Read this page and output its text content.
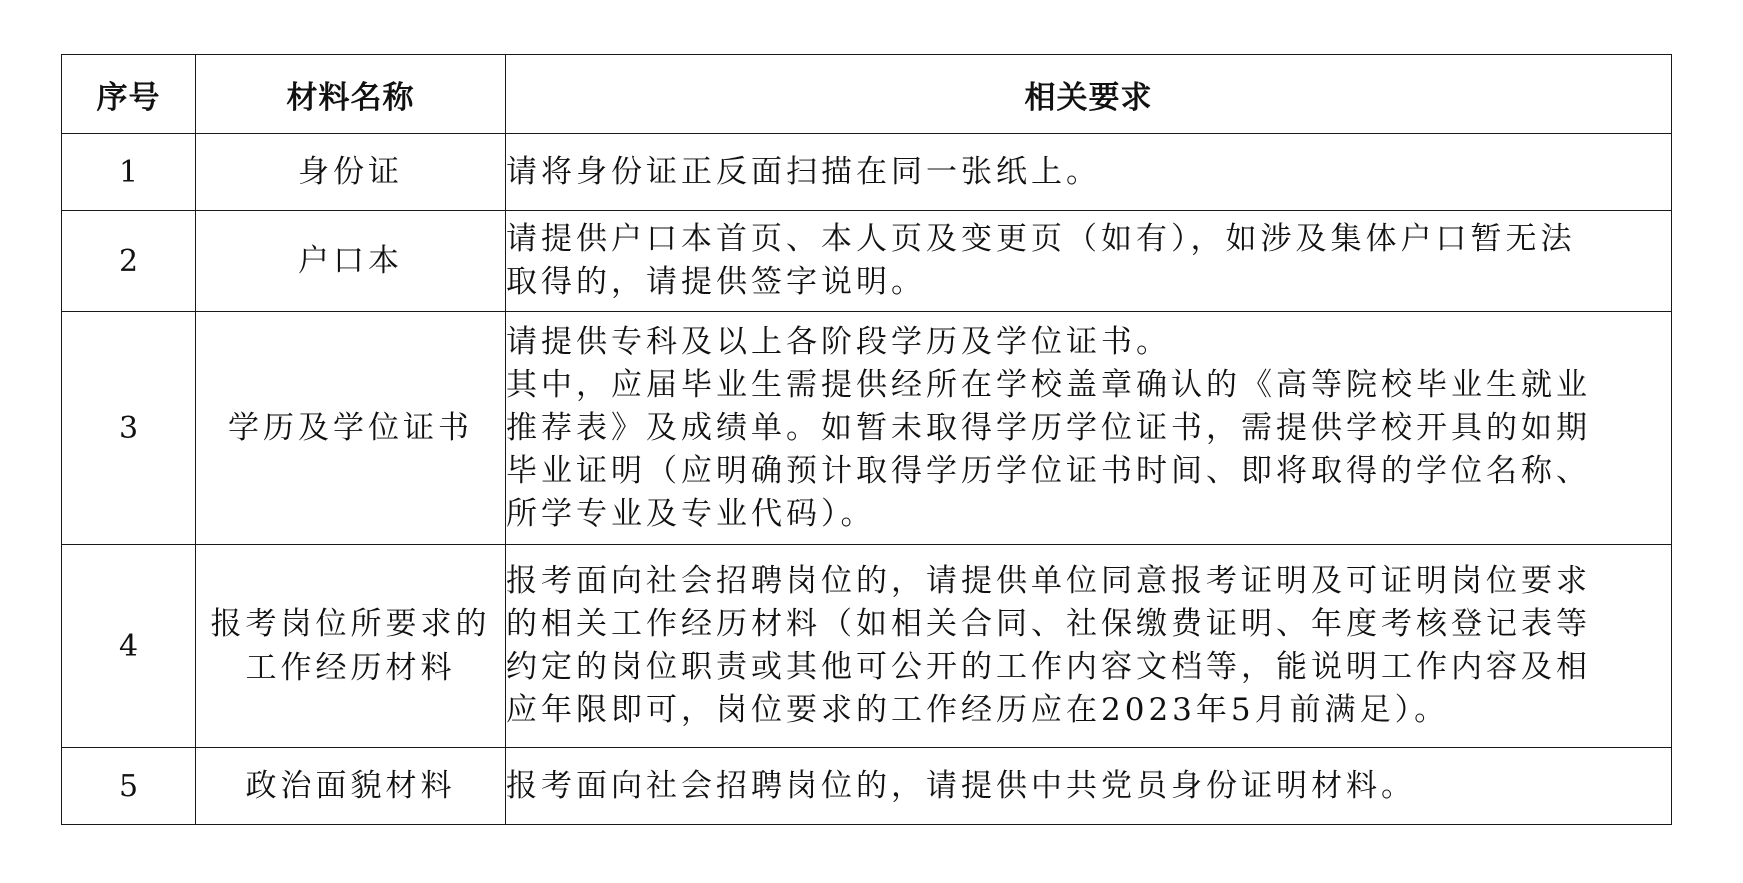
序号	材料名称	相关要求
1	身份证	请将身份证正反面扫描在同一张纸上。

2	户口本	请提供户口本首页、本人页及变更页（如有），如涉及集体户口暂无法
取得的，请提供签字说明。

3	学历及学位证书	请提供专科及以上各阶段学历及学位证书。
其中，应届毕业生需提供经所在学校盖章确认的《高等院校毕业生就业
推荐表》及成绩单。如暂未取得学历学位证书，需提供学校开具的如期
毕业证明（应明确预计取得学历学位证书时间、即将取得的学位名称、
所学专业及专业代码）。

4	报考岗位所要求的
工作经历材料	报考面向社会招聘岗位的，请提供单位同意报考证明及可证明岗位要求
的相关工作经历材料（如相关合同、社保缴费证明、年度考核登记表等
约定的岗位职责或其他可公开的工作内容文档等，能说明工作内容及相
应年限即可，岗位要求的工作经历应在2023年5月前满足）。

5	政治面貌材料	报考面向社会招聘岗位的，请提供中共党员身份证明材料。
